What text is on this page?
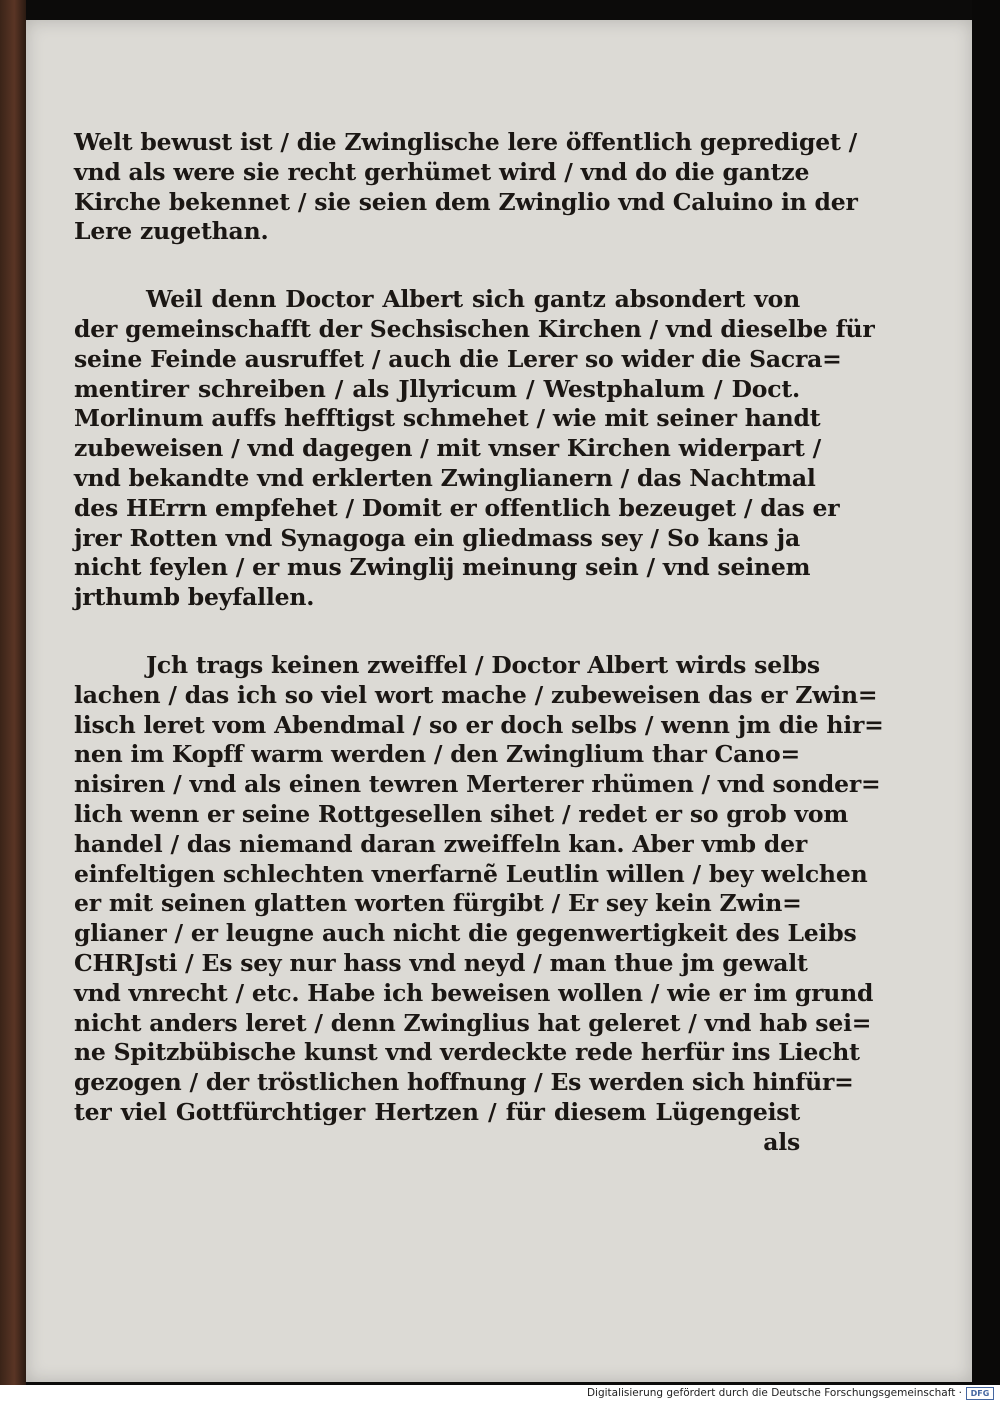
Welt bewust ist / die Zwinglische lere öffentlich geprediget /
vnd als were sie recht gerhümet wird / vnd do die gantze
Kirche bekennet / sie seien dem Zwinglio vnd Caluino in der
Lere zugethan.
Weil denn Doctor Albert sich gantz absondert von
der gemeinschafft der Sechsischen Kirchen / vnd dieselbe für
seine Feinde ausruffet / auch die Lerer so wider die Sacra=
mentirer schreiben / als Jllyricum / Westphalum / Doct.
Morlinum auffs hefftigst schmehet / wie mit seiner handt
zubeweisen / vnd dagegen / mit vnser Kirchen widerpart /
vnd bekandte vnd erklerten Zwinglianern / das Nachtmal
des HErrn empfehet / Domit er offentlich bezeuget / das er
jrer Rotten vnd Synagoga ein gliedmass sey / So kans ja
nicht feylen / er mus Zwinglij meinung sein / vnd seinem
jrthumb beyfallen.
Jch trags keinen zweiffel / Doctor Albert wirds selbs
lachen / das ich so viel wort mache / zubeweisen das er Zwin=
lisch leret vom Abendmal / so er doch selbs / wenn jm die hir=
nen im Kopff warm werden / den Zwinglium thar Cano=
nisiren / vnd als einen tewren Merterer rhümen / vnd sonder=
lich wenn er seine Rottgesellen sihet / redet er so grob vom
handel / das niemand daran zweiffeln kan. Aber vmb der
einfeltigen schlechten vnerfarnẽ Leutlin willen / bey welchen
er mit seinen glatten worten fürgibt / Er sey kein Zwin=
glianer / er leugne auch nicht die gegenwertigkeit des Leibs
CHRJsti / Es sey nur hass vnd neyd / man thue jm gewalt
vnd vnrecht / etc. Habe ich beweisen wollen / wie er im grund
nicht anders leret / denn Zwinglius hat geleret / vnd hab sei=
ne Spitzbübische kunst vnd verdeckte rede herfür ins Liecht
gezogen / der tröstlichen hoffnung / Es werden sich hinfür=
ter viel Gottfürchtiger Hertzen / für diesem Lügengeist
als
Digitalisierung gefördert durch die Deutsche Forschungsgemeinschaft ·	DFG
